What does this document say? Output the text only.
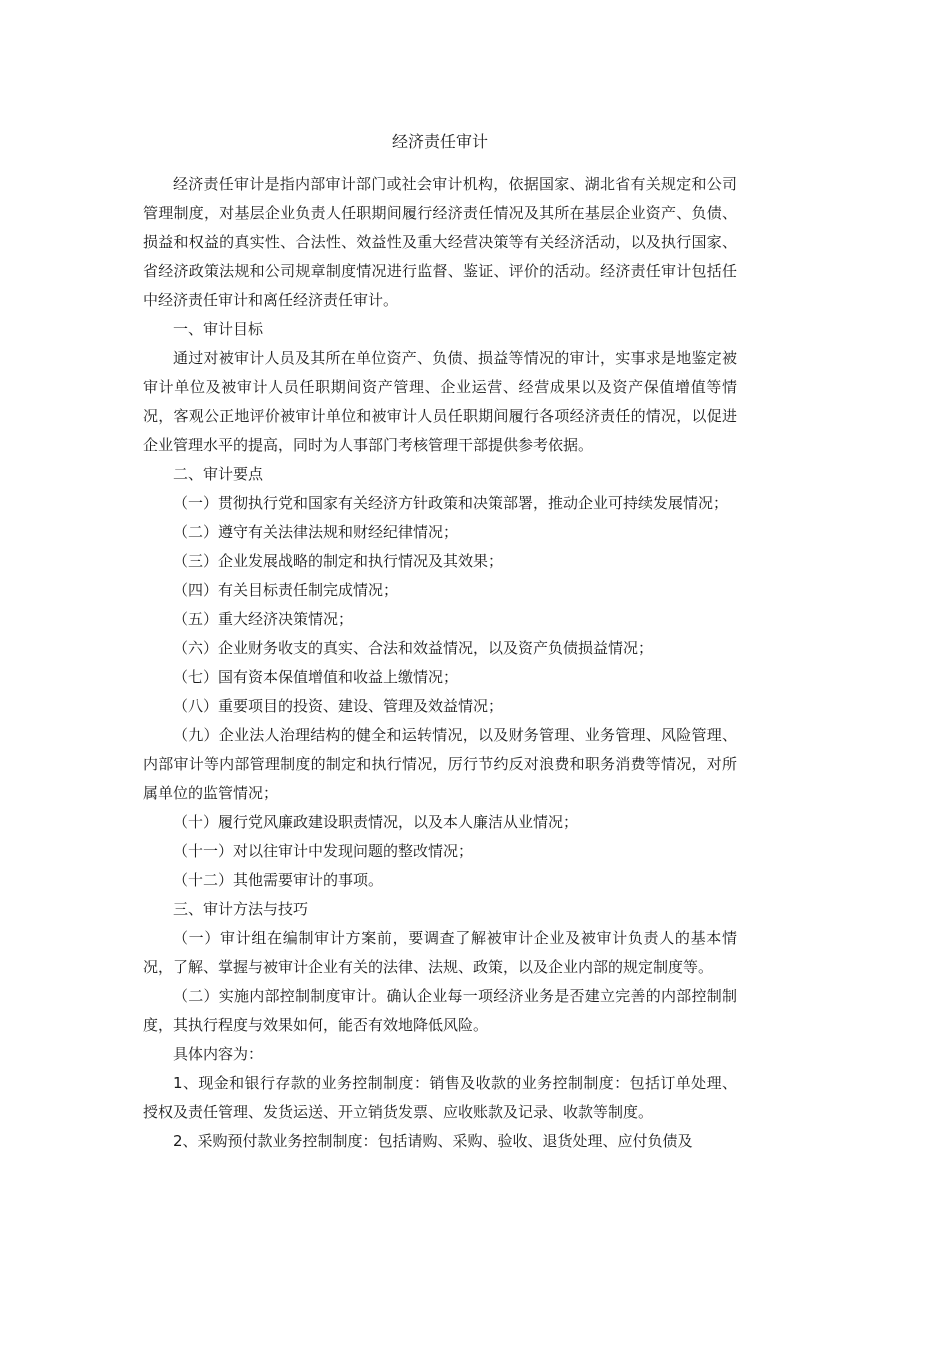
经济责任审计

经济责任审计是指内部审计部门或社会审计机构，依据国家、湖北省有关规定和公司管理制度，对基层企业负责人任职期间履行经济责任情况及其所在基层企业资产、负债、损益和权益的真实性、合法性、效益性及重大经营决策等有关经济活动，以及执行国家、省经济政策法规和公司规章制度情况进行监督、鉴证、评价的活动。经济责任审计包括任中经济责任审计和离任经济责任审计。

一、审计目标

通过对被审计人员及其所在单位资产、负债、损益等情况的审计，实事求是地鉴定被审计单位及被审计人员任职期间资产管理、企业运营、经营成果以及资产保值增值等情况，客观公正地评价被审计单位和被审计人员任职期间履行各项经济责任的情况，以促进企业管理水平的提高，同时为人事部门考核管理干部提供参考依据。

二、审计要点

（一）贯彻执行党和国家有关经济方针政策和决策部署，推动企业可持续发展情况；

（二）遵守有关法律法规和财经纪律情况；

（三）企业发展战略的制定和执行情况及其效果；

（四）有关目标责任制完成情况；

（五）重大经济决策情况；

（六）企业财务收支的真实、合法和效益情况，以及资产负债损益情况；

（七）国有资本保值增值和收益上缴情况；

（八）重要项目的投资、建设、管理及效益情况；

（九）企业法人治理结构的健全和运转情况，以及财务管理、业务管理、风险管理、内部审计等内部管理制度的制定和执行情况，厉行节约反对浪费和职务消费等情况，对所属单位的监管情况；

（十）履行党风廉政建设职责情况，以及本人廉洁从业情况；

（十一）对以往审计中发现问题的整改情况；

（十二）其他需要审计的事项。

三、审计方法与技巧

（一）审计组在编制审计方案前，要调查了解被审计企业及被审计负责人的基本情况，了解、掌握与被审计企业有关的法律、法规、政策，以及企业内部的规定制度等。

（二）实施内部控制制度审计。确认企业每一项经济业务是否建立完善的内部控制制度，其执行程度与效果如何，能否有效地降低风险。

具体内容为：

1、现金和银行存款的业务控制制度：销售及收款的业务控制制度：包括订单处理、授权及责任管理、发货运送、开立销货发票、应收账款及记录、收款等制度。

2、采购预付款业务控制制度：包括请购、采购、验收、退货处理、应付负债及
